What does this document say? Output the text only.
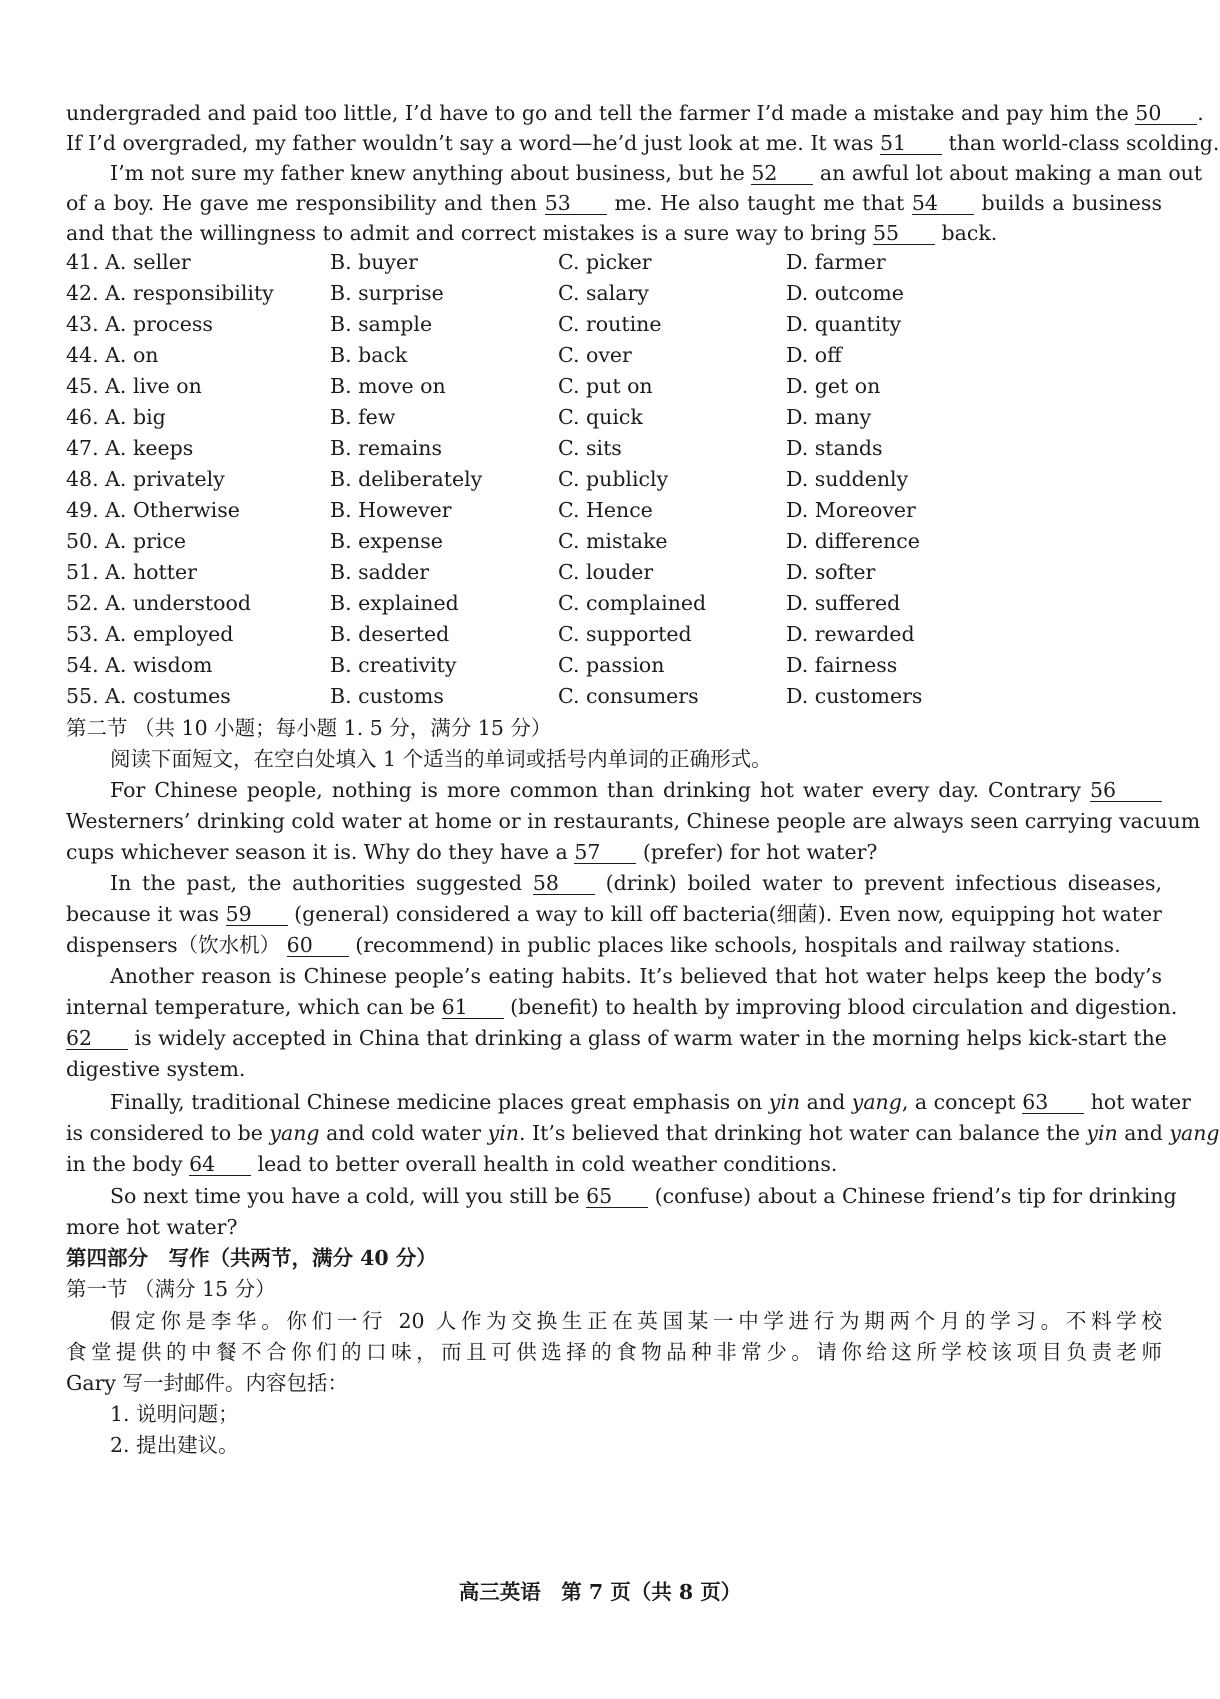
undergraded and paid too little, I’d have to go and tell the farmer I’d made a mistake and pay him the 50 .
If I’d overgraded, my father wouldn’t say a word—he’d just look at me. It was 51 than world-class scolding.
I’m not sure my father knew anything about business, but he 52 an awful lot about making a man out
of a boy. He gave me responsibility and then 53 me. He also taught me that 54 builds a business
and that the willingness to admit and correct mistakes is a sure way to bring 55 back.
41. A. seller	B. buyer	C. picker	D. farmer
42. A. responsibility	B. surprise	C. salary	D. outcome
43. A. process	B. sample	C. routine	D. quantity
44. A. on	B. back	C. over	D. off
45. A. live on	B. move on	C. put on	D. get on
46. A. big	B. few	C. quick	D. many
47. A. keeps	B. remains	C. sits	D. stands
48. A. privately	B. deliberately	C. publicly	D. suddenly
49. A. Otherwise	B. However	C. Hence	D. Moreover
50. A. price	B. expense	C. mistake	D. difference
51. A. hotter	B. sadder	C. louder	D. softer
52. A. understood	B. explained	C. complained	D. suffered
53. A. employed	B. deserted	C. supported	D. rewarded
54. A. wisdom	B. creativity	C. passion	D. fairness
55. A. costumes	B. customs	C. consumers	D. customers
第二节 （共 10 小题；每小题 1. 5 分，满分 15 分）
阅读下面短文，在空白处填入 1 个适当的单词或括号内单词的正确形式。
For Chinese people, nothing is more common than drinking hot water every day. Contrary 56
Westerners’ drinking cold water at home or in restaurants, Chinese people are always seen carrying vacuum
cups whichever season it is. Why do they have a 57 (prefer) for hot water?
In the past, the authorities suggested 58 (drink) boiled water to prevent infectious diseases,
because it was 59 (general) considered a way to kill off bacteria(细菌). Even now, equipping hot water
dispensers（饮水机） 60 (recommend) in public places like schools, hospitals and railway stations.
Another reason is Chinese people’s eating habits. It’s believed that hot water helps keep the body’s
internal temperature, which can be 61 (benefit) to health by improving blood circulation and digestion.
62 is widely accepted in China that drinking a glass of warm water in the morning helps kick-start the
digestive system.
Finally, traditional Chinese medicine places great emphasis on yin and yang, a concept 63 hot water
is considered to be yang and cold water yin. It’s believed that drinking hot water can balance the yin and yang
in the body 64 lead to better overall health in cold weather conditions.
So next time you have a cold, will you still be 65 (confuse) about a Chinese friend’s tip for drinking
more hot water?
第四部分　写作（共两节，满分 40 分）
第一节 （满分 15 分）
假定你是李华。你们一行 20 人作为交换生正在英国某一中学进行为期两个月的学习。不料学校
食堂提供的中餐不合你们的口味，而且可供选择的食物品种非常少。请你给这所学校该项目负责老师
Gary 写一封邮件。内容包括：
1. 说明问题；
2. 提出建议。
高三英语　第 7 页（共 8 页）
